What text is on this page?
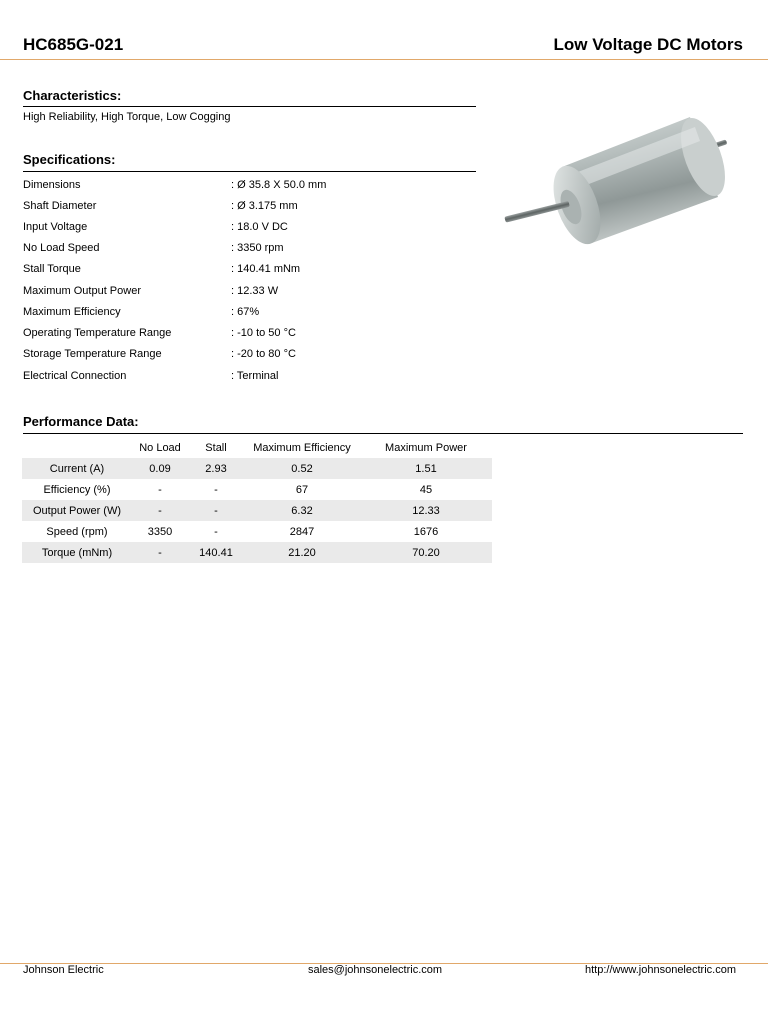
HC685G-021	Low Voltage DC Motors
Characteristics:
High Reliability, High Torque, Low Cogging
Specifications:
Dimensions	: Ø 35.8 X 50.0 mm
Shaft Diameter	: Ø 3.175 mm
Input Voltage	: 18.0 V DC
No Load Speed	: 3350 rpm
Stall Torque	: 140.41 mNm
Maximum Output Power	: 12.33 W
Maximum Efficiency	: 67%
Operating Temperature Range	: -10 to 50 °C
Storage Temperature Range	: -20 to 80 °C
Electrical Connection	: Terminal
Performance Data:
	No Load	Stall	Maximum Efficiency	Maximum Power
Current (A)	0.09	2.93	0.52	1.51
Efficiency (%)	-	-	67	45
Output Power (W)	-	-	6.32	12.33
Speed (rpm)	3350	-	2847	1676
Torque (mNm)	-	140.41	21.20	70.20
Johnson Electric	sales@johnsonelectric.com	http://www.johnsonelectric.com
